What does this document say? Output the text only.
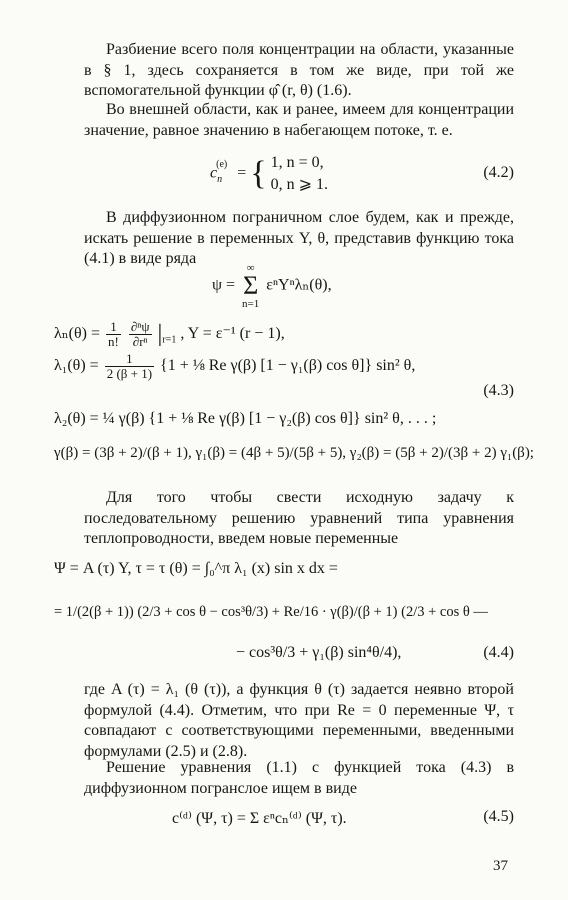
Разбиение всего поля концентрации на области, указанные в § 1, здесь сохраняется в том же виде, при той же вспомогательной функции φ̂ (r, θ) (1.6).
Во внешней области, как и ранее, имеем для концентрации значение, равное значению в набегающем потоке, т. е.
$c_n^{(e)}$ = { 1, n = 0,
0, n ⩾ 1.
(4.2)
В диффузионном пограничном слое будем, как и прежде, искать решение в переменных Y, θ, представив функцию тока (4.1) в виде ряда
ψ = ∞
Σ
n=1 εⁿYⁿλₙ(θ),
$\lambda_n(\theta) = \frac{1}{n!}$
$\frac{\text{∂ⁿψ}}{\text{∂rⁿ}} |_{r=1}$ , Y = ε⁻¹ (r − 1),
$\lambda_1(\theta) = \frac{1}{2 (\beta + 1)} \{1$ + ⅛ Re γ(β) [1 − γ₁(β) cos θ]} sin² θ,
(4.3)
λ₂(θ) = ¼ γ(β) {1 + ⅛ Re γ(β) [1 − γ₂(β) cos θ]} sin² θ, . . . ;
γ(β) = (3β + 2)/(β + 1), γ₁(β) = (4β + 5)/(5β + 5), γ₂(β) = (5β + 2)/(3β + 2) γ₁(β);
Для того чтобы свести исходную задачу к последовательному решению уравнений типа уравнения теплопроводности, введем новые переменные
Ψ = A (τ) Y, τ = τ (θ) = ∫₀^π λ₁ (x) sin x dx =
= 1/(2(β + 1)) (2/3 + cos θ − cos³θ/3) + Re/16 · γ(β)/(β + 1) (2/3 + cos θ —
− cos³θ/3 + γ₁(β) sin⁴θ/4),	(4.4)
где A (τ) = λ₁ (θ (τ)), а функция θ (τ) задается неявно второй формулой (4.4). Отметим, что при Re = 0 переменные Ψ, τ совпадают с соответствующими переменными, введенными формулами (2.5) и (2.8).
Решение уравнения (1.1) с функцией тока (4.3) в диффузионном погранслое ищем в виде
c⁽ᵈ⁾ (Ψ, τ) = Σ εⁿcₙ⁽ᵈ⁾ (Ψ, τ).	(4.5)
37
